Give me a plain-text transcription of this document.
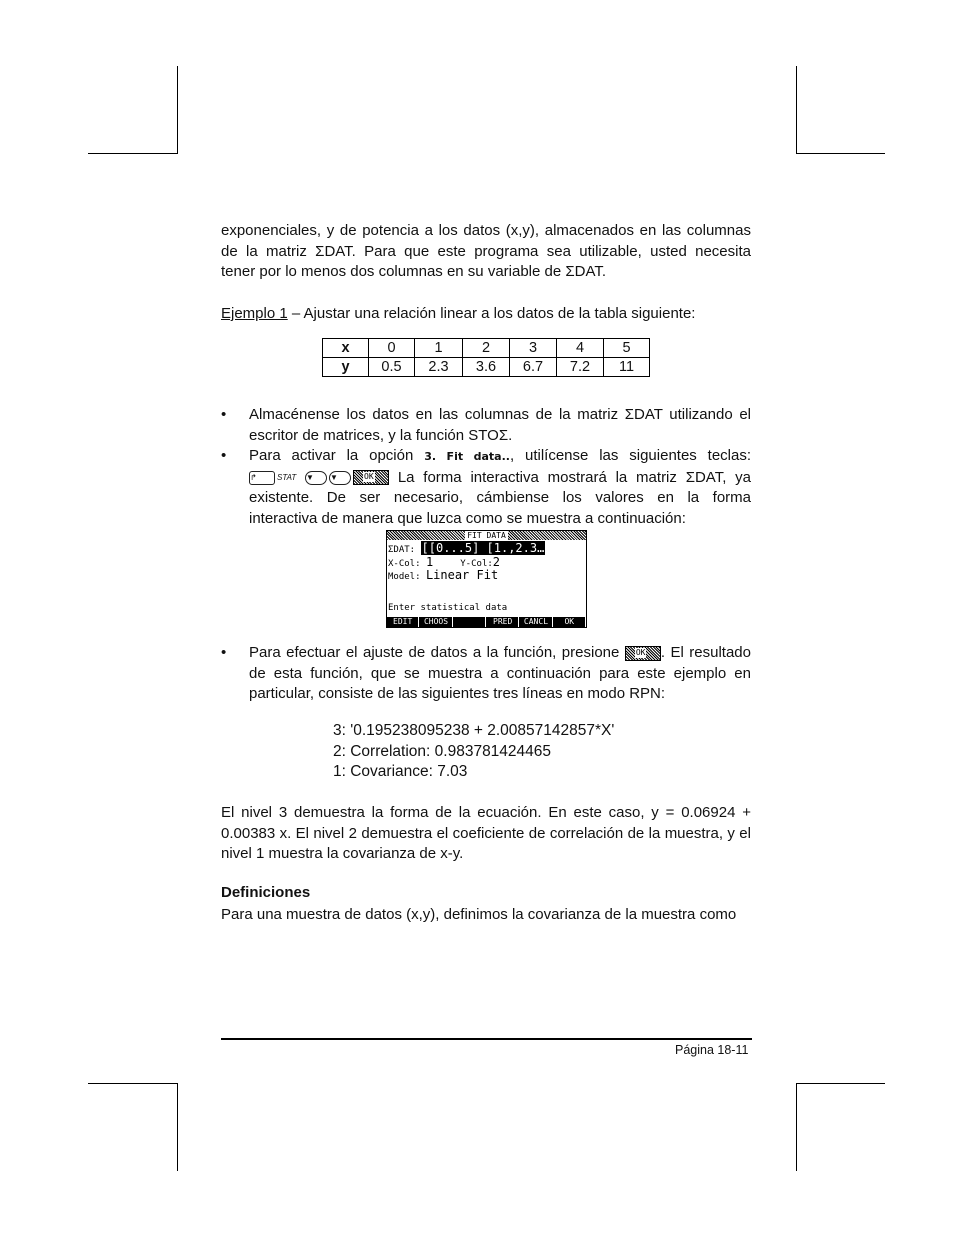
exponenciales, y de potencia a los datos (x,y), almacenados en las columnas
de la matriz ΣDAT. Para que este programa sea utilizable, usted necesita
tener por lo menos dos columnas en su variable de ΣDAT.
Ejemplo 1 – Ajustar una relación linear a los datos de la tabla siguiente:
x	0	1	2	3	4	5
y	0.5	2.3	3.6	6.7	7.2	11
• Almacénense los datos en las columnas de la matriz ΣDAT utilizando el escritor de matrices, y la función STOΣ.

• Para activar la opción 3. Fit data.., utilícense las siguientes teclas:
↱	STAT ▼ ▼	OK La forma interactiva mostrará la matriz ΣDAT, ya
existente. De ser necesario, cámbiense los valores en la forma
interactiva de manera que luzca como se muestra a continuación:
FIT DATA
ΣDAT: [[0...5] [1.,2.3…
X-Col: 1	Y-Col:2
Model: Linear Fit
Enter statistical data
EDIT	CHOOS	PRED	CANCL	OK
• Para efectuar el ajuste de datos a la función, presione OK . El resultado de esta función, que se muestra a continuación para este ejemplo en particular, consiste de las siguientes tres líneas en modo RPN:

3: '0.195238095238 + 2.00857142857*X'
2: Correlation: 0.983781424465
1: Covariance: 7.03

El nivel 3 demuestra la forma de la ecuación. En este caso, y = 0.06924 + 0.00383 x. El nivel 2 demuestra el coeficiente de correlación de la muestra, y el nivel 1 muestra la covarianza de x-y.

Definiciones

Para una muestra de datos (x,y), definimos la covarianza de la muestra como

Página 18-11
